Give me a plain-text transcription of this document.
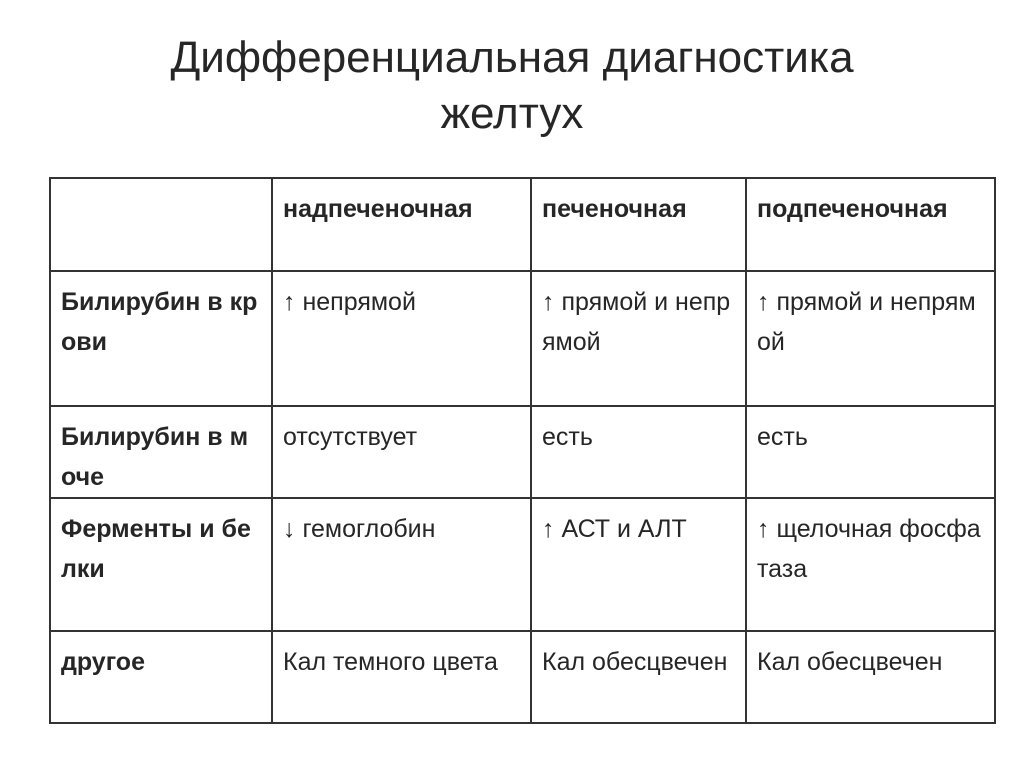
Дифференциальная диагностика
желтух
	надпеченочная	печеночная	подпеченочная
Билирубин в крови	↑ непрямой	↑ прямой и непрямой	↑ прямой и непрямой
Билирубин в моче	отсутствует	есть	есть
Ферменты и белки	↓ гемоглобин	↑ АСТ и АЛТ	↑ щелочная фосфатаза
другое	Кал темного цвета	Кал обесцвечен	Кал обесцвечен
